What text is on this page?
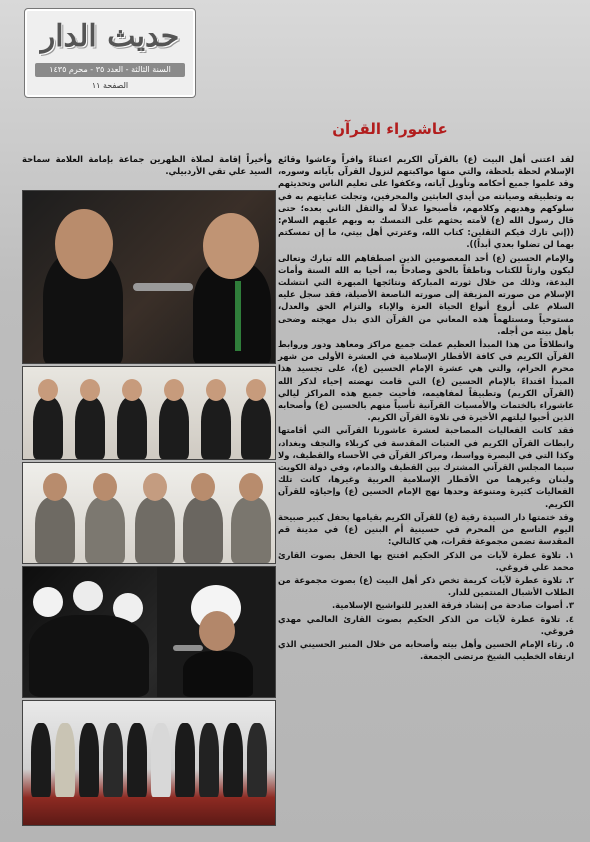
حديث الدار
السنة الثالثة - العدد ٣٥ - محرم ١٤٣٥
الصفحة ١١
عاشوراء القرآن

لقد اعتنى أهل البيت (ع) بالقرآن الكريم اعتناءً وافراً وعاشوا وقائع الإسلام لحظة بلحظة، والتي منها مواكبتهم لنزول القرآن بآياته وسوره، وقد علموا جميع أحكامه وتأويل آياته، وعكفوا على تعليم الناس وتحديثهم به وتطبيقه وصيانته من أيدي العابثين والمحرفين، وتجلت عنايتهم به في سلوكهم وهديهم وكلامهم، فأصبحوا عدلاً له والثقل الثاني بعده؛ حتى قال رسول الله (ع) لأمته يحثهم على التمسك به وبهم عليهم السلام: ((إني تارك فيكم الثقلين: كتاب الله، وعترتي أهل بيتي، ما إن تمسكتم بهما لن تضلوا بعدي أبداً)).

والإمام الحسين (ع) أحد المعصومين الذين اصطفاهم الله تبارك وتعالى ليكون وارثاً للكتاب وناطقاً بالحق وصادحاً به، أحيا به الله السنة وأمات البدعة، وذلك من خلال ثورته المباركة ونتائجها المبهرة التي انتشلت الإسلام من صورته المزيفة إلى صورته الناصعة الأصيلة، فقد سجل عليه السلام على أروع أنواع الحياة العزة والإباء والتزام الحق والعدل، مستوحياً ومستلهماً هذه المعاني من القرآن الذي بذل مهجته وضحى بأهل بيته من أجله.

وانطلاقاً من هذا المبدأ العظيم عملت جميع مراكز ومعاهد ودور وروابط القرآن الكريم في كافة الأقطار الإسلامية في العشرة الأولى من شهر محرم الحرام، والتي هي عشرة الإمام الحسين (ع)، على تجسيد هذا المبدأ اقتداءً بالإمام الحسين (ع) التي قامت نهضته إحياء لذكر الله (القرآن الكريم) وتطبيقاً لمفاهيمه، فأحيت جميع هذه المراكز ليالي عاشوراء بالختمات والأمسيات القرآنية تأسياً منهم بالحسين (ع) وأصحابه الذين أحيوا ليلتهم الأخيرة في تلاوة القرآن الكريم.

فقد كانت الفعاليات المصاحبة لعشرة عاشورنا القرآني التي أقامتها رابطات القرآن الكريم في العتبات المقدسة في كربلاء والنجف وبغداد، وكذا التي في البصرة وواسط، ومراكز القرآن في الأحساء والقطيف، ولا سيما المجلس القرآني المشترك بين القطيف والدمام، وفي دولة الكويت ولبنان وغيرهما من الأقطار الإسلامية العربية وغيرها، كانت تلك الفعاليات كثيرة ومتنوعة وحدها نهج الإمام الحسين (ع) وإحياؤه للقرآن الكريم.

وقد ختمتها دار السيدة رقية (ع) للقرآن الكريم بقيامها بحفل كبير صبيحة اليوم التاسع من المحرم في حسينية أم البنين (ع) في مدينة قم المقدسة تضمن مجموعة فقرات، هي كالتالي:

١. تلاوة عطرة لآيات من الذكر الحكيم افتتح بها الحفل بصوت القارئ محمد علي فروغي.

٢. تلاوة عطرة لآيات كريمة تخص ذكر أهل البيت (ع) بصوت مجموعة من الطلاب الأشبال المنتمين للدار.

٣. أصوات صادحة من إنشاد فرقة الغدير للتواشيح الإسلامية.

٤. تلاوة عطرة لآيات من الذكر الحكيم بصوت القارئ العالمي مهدي فروغي.

٥. رثاء الإمام الحسين وأهل بيته وأصحابه من خلال المنبر الحسيني الذي ارتقاه الخطيب الشيخ مرتضى الجمعة.

وأخيراً إقامة لصلاة الظهرين جماعة بإمامة العلامة سماحة السيد علي تقي الأردبيلي.
